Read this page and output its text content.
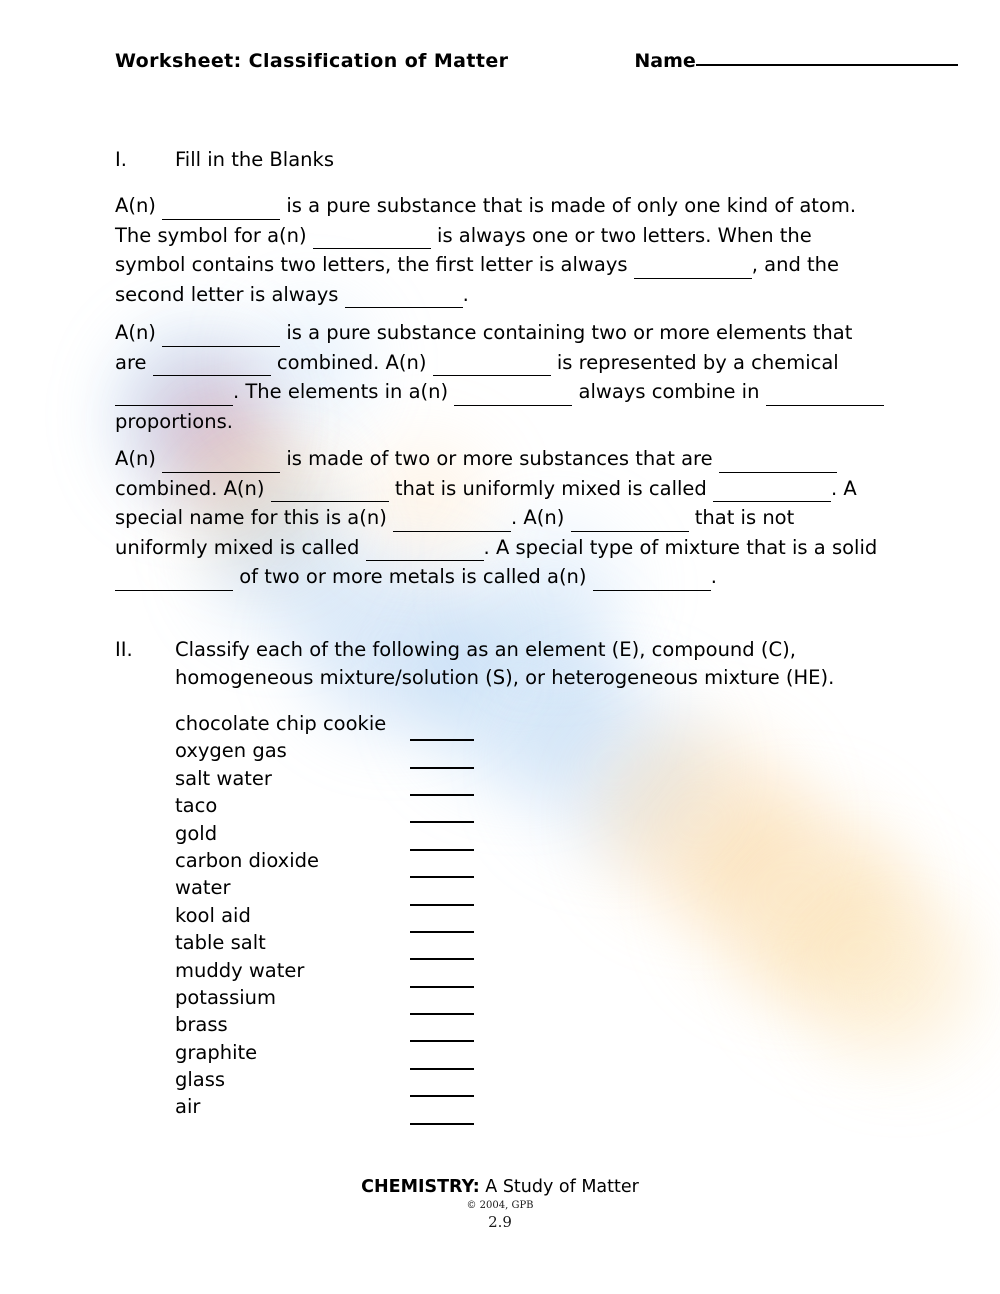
Worksheet: Classification of Matter	Name
I.	Fill in the Blanks
A(n)	is a pure substance that is made of only one kind of atom. The symbol for a(n)	is always one or two letters. When the symbol contains two letters, the first letter is always	, and the second letter is always	.
A(n)	is a pure substance containing two or more elements that are	combined. A(n)	is represented by a chemical  . The elements in a(n)	always combine in   proportions.
A(n)	is made of two or more substances that are   combined. A(n)	that is uniformly mixed is called	. A special name for this is a(n)	. A(n)	that is not uniformly mixed is called	. A special type of mixture that is a solid   of two or more metals is called a(n)	.
II.	Classify each of the following as an element (E), compound (C), homogeneous mixture/solution (S), or heterogeneous mixture (HE).
chocolate chip cookie

oxygen gas

salt water

taco

gold

carbon dioxide

water

kool aid

table salt

muddy water

potassium

brass

graphite

glass

air

CHEMISTRY: A Study of Matter
© 2004, GPB
2.9
